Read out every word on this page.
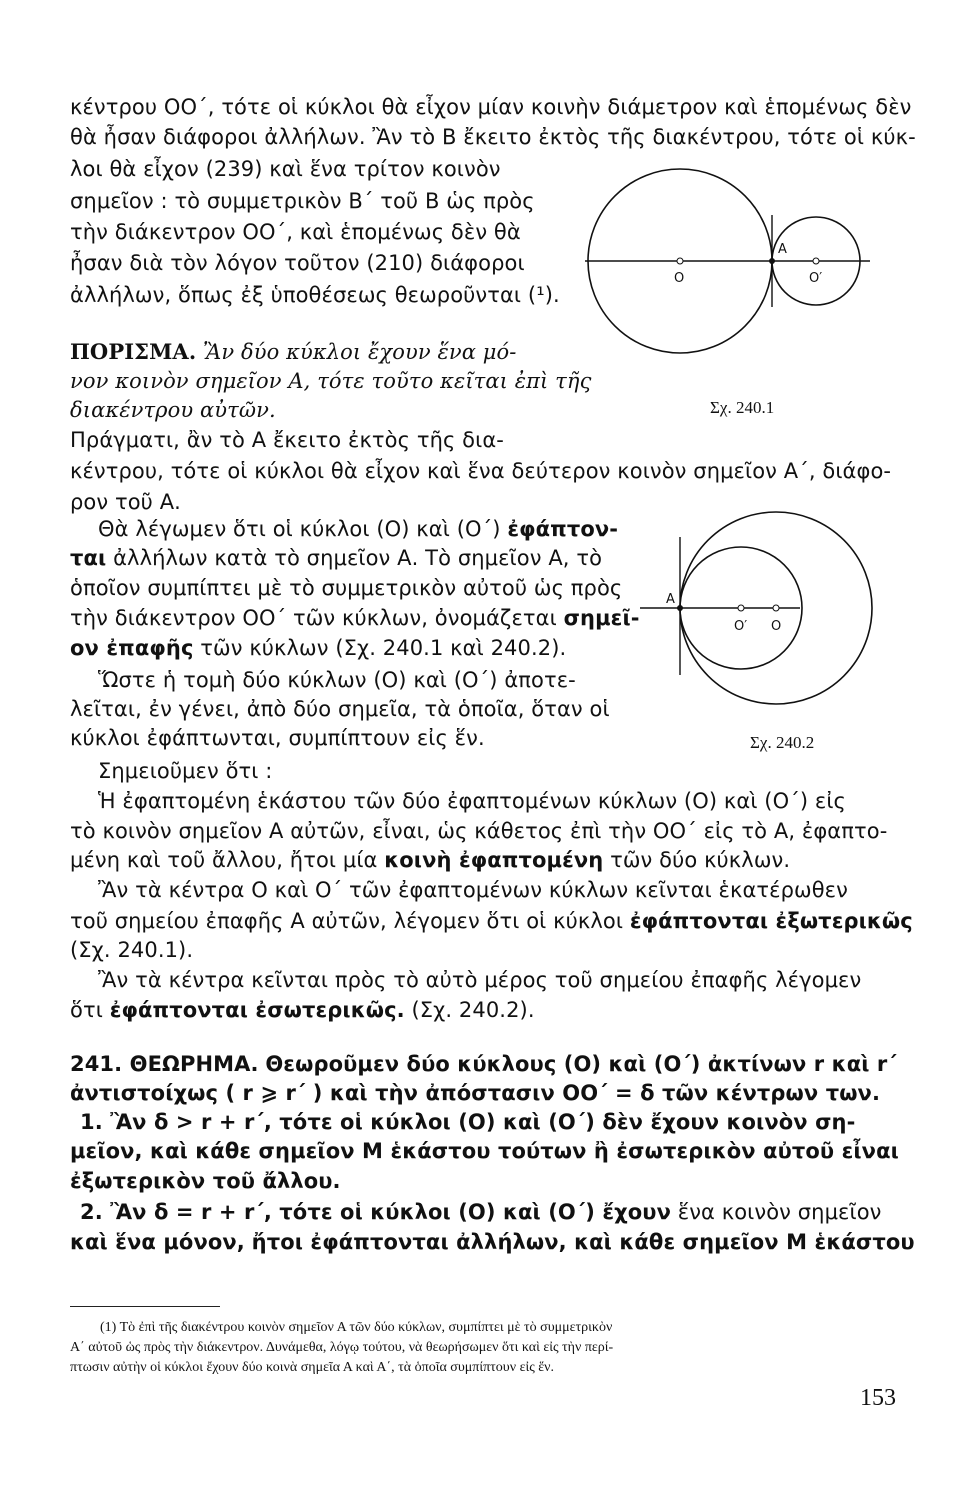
κέντρου ΟΟ΄, τότε οἱ κύκλοι θὰ εἶχον μίαν κοινὴν διάμετρον καὶ ἑπομένως δὲν
θὰ ἦσαν διάφοροι ἀλλήλων. Ἂν τὸ Β ἔκειτο ἐκτὸς τῆς διακέντρου, τότε οἱ κύκ-
λοι θὰ εἶχον (239) καὶ ἕνα τρίτον κοινὸν
σημεῖον : τὸ συμμετρικὸν Β΄ τοῦ Β ὡς πρὸς
τὴν διάκεντρον ΟΟ΄, καὶ ἑπομένως δὲν θὰ
ἦσαν διὰ τὸν λόγον τοῦτον (210) διάφοροι
ἀλλήλων, ὅπως ἐξ ὑποθέσεως θεωροῦνται (¹).
A
O	O′
Σχ. 240.1
ΠΟΡΙΣΜΑ. Ἂν δύο κύκλοι ἔχουν ἕνα μό-
νον κοινὸν σημεῖον Α, τότε τοῦτο κεῖται ἐπὶ τῆς
διακέντρου αὐτῶν.
Πράγματι, ἂν τὸ Α ἔκειτο ἐκτὸς τῆς δια-
κέντρου, τότε οἱ κύκλοι θὰ εἶχον καὶ ἕνα δεύτερον κοινὸν σημεῖον Α΄, διάφο-
ρον τοῦ Α.
Θὰ λέγωμεν ὅτι οἱ κύκλοι (Ο) καὶ (Ο΄) ἐφάπτον-
ται ἀλλήλων κατὰ τὸ σημεῖον Α. Τὸ σημεῖον Α, τὸ
ὁποῖον συμπίπτει μὲ τὸ συμμετρικὸν αὐτοῦ ὡς πρὸς
τὴν διάκεντρον ΟΟ΄ τῶν κύκλων, ὀνομάζεται σημεῖ-
ον ἐπαφῆς τῶν κύκλων (Σχ. 240.1 καὶ 240.2).
Ὥστε ἡ τομὴ δύο κύκλων (Ο) καὶ (Ο΄) ἀποτε-
λεῖται, ἐν γένει, ἀπὸ δύο σημεῖα, τὰ ὁποῖα, ὅταν οἱ
κύκλοι ἐφάπτωνται, συμπίπτουν εἰς ἕν.
A
O′ O
Σχ. 240.2
Σημειοῦμεν ὅτι :
Ἡ ἐφαπτομένη ἑκάστου τῶν δύο ἐφαπτομένων κύκλων (Ο) καὶ (Ο΄) εἰς
τὸ κοινὸν σημεῖον Α αὐτῶν, εἶναι, ὡς κάθετος ἐπὶ τὴν ΟΟ΄ εἰς τὸ Α, ἐφαπτο-
μένη καὶ τοῦ ἄλλου, ἤτοι μία κοινὴ ἐφαπτομένη τῶν δύο κύκλων.
Ἂν τὰ κέντρα Ο καὶ Ο΄ τῶν ἐφαπτομένων κύκλων κεῖνται ἑκατέρωθεν
τοῦ σημείου ἐπαφῆς Α αὐτῶν, λέγομεν ὅτι οἱ κύκλοι ἐφάπτονται ἐξωτερικῶς
(Σχ. 240.1).
Ἂν τὰ κέντρα κεῖνται πρὸς τὸ αὐτὸ μέρος τοῦ σημείου ἐπαφῆς λέγομεν
ὅτι ἐφάπτονται ἐσωτερικῶς. (Σχ. 240.2).
241. ΘΕΩΡΗΜΑ. Θεωροῦμεν δύο κύκλους (Ο) καὶ (Ο΄) ἀκτίνων r καὶ r΄
ἀντιστοίχως ( r ⩾ r΄ ) καὶ τὴν ἀπόστασιν ΟΟ΄ = δ τῶν κέντρων των.
1. Ἂν δ > r + r΄, τότε οἱ κύκλοι (Ο) καὶ (Ο΄) δὲν ἔχουν κοινὸν ση-
μεῖον, καὶ κάθε σημεῖον Μ ἑκάστου τούτων ἢ ἐσωτερικὸν αὐτοῦ εἶναι
ἐξωτερικὸν τοῦ ἄλλου.
2. Ἂν δ = r + r΄, τότε οἱ κύκλοι (Ο) καὶ (Ο΄) ἔχουν ἕνα κοινὸν σημεῖον
καὶ ἕνα μόνον, ἤτοι ἐφάπτονται ἀλλήλων, καὶ κάθε σημεῖον Μ ἑκάστου
(1) Τὸ ἐπὶ τῆς διακέντρου κοινὸν σημεῖον Α τῶν δύο κύκλων, συμπίπτει μὲ τὸ συμμετρικὸν
Α΄ αὐτοῦ ὡς πρὸς τὴν διάκεντρον. Δυνάμεθα, λόγῳ τούτου, νὰ θεωρήσωμεν ὅτι καὶ εἰς τὴν περί-
πτωσιν αὐτὴν οἱ κύκλοι ἔχουν δύο κοινὰ σημεῖα Α καὶ Α΄, τὰ ὁποῖα συμπίπτουν εἰς ἕν.
153
